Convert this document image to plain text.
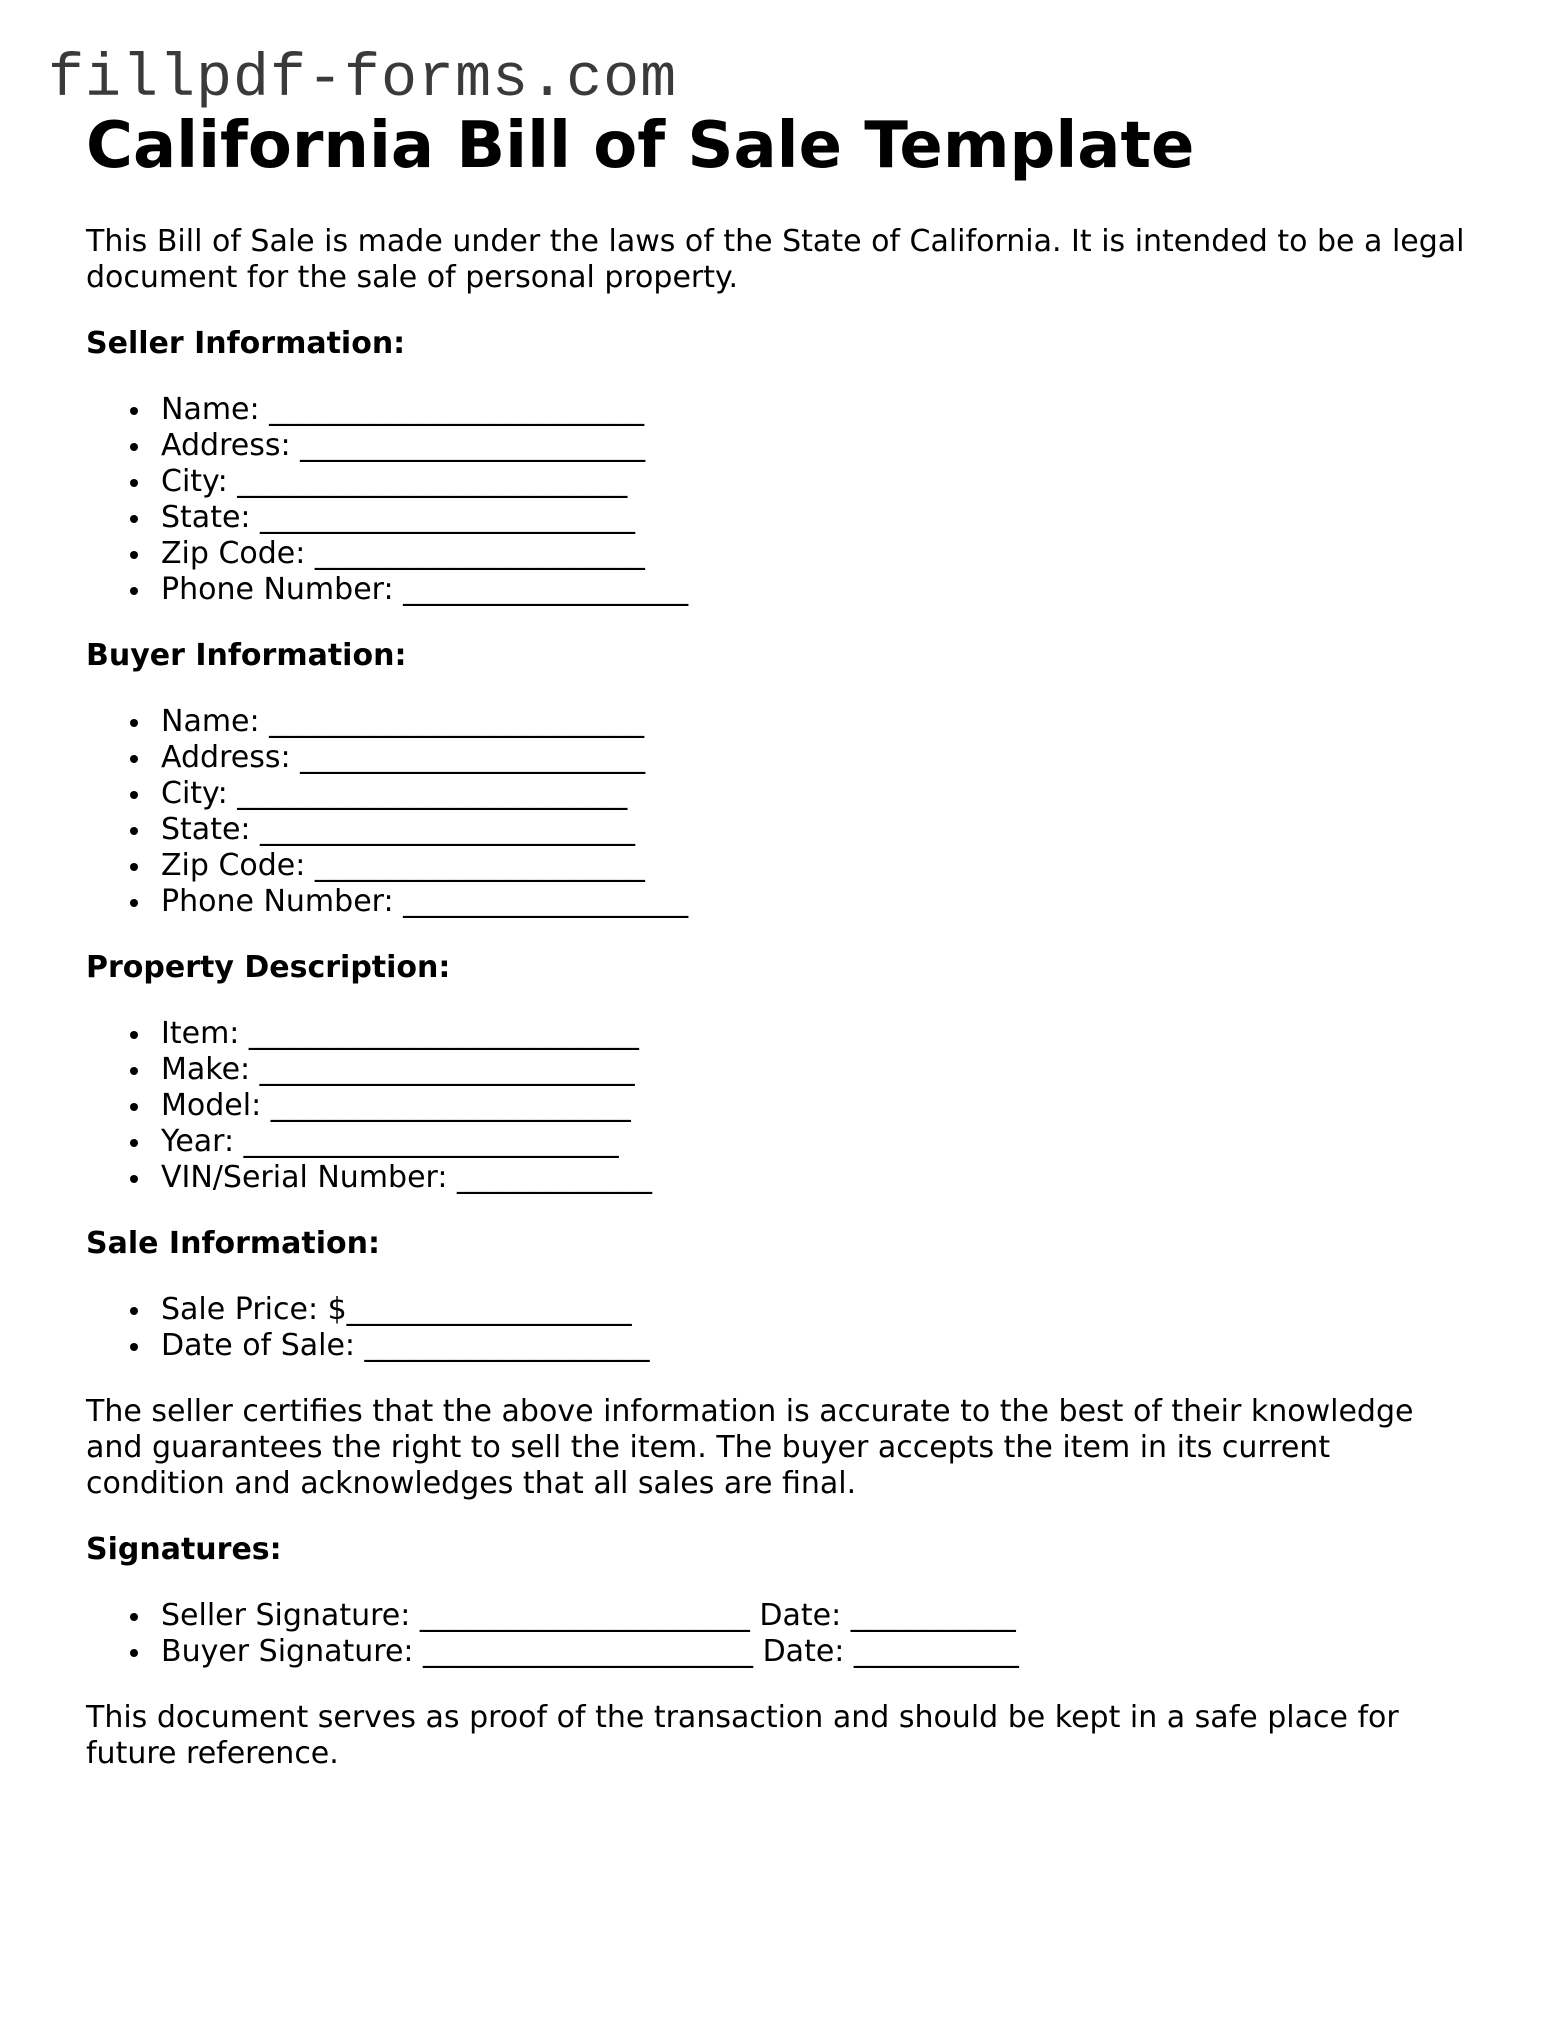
fillpdf-forms.com
California Bill of Sale Template

This Bill of Sale is made under the laws of the State of California. It is intended to be a legal document for the sale of personal property.

Seller Information:
Name: _________________________
Address: _______________________
City: __________________________
State: _________________________
Zip Code: ______________________
Phone Number: ___________________
Buyer Information:
Name: _________________________
Address: _______________________
City: __________________________
State: _________________________
Zip Code: ______________________
Phone Number: ___________________
Property Description:
Item: __________________________
Make: _________________________
Model: ________________________
Year: _________________________
VIN/Serial Number: _____________
Sale Information:
Sale Price: $___________________
Date of Sale: ___________________

The seller certifies that the above information is accurate to the best of their knowledge and guarantees the right to sell the item. The buyer accepts the item in its current condition and acknowledges that all sales are final.

Signatures:
Seller Signature: ______________________ Date: ___________
Buyer Signature: ______________________ Date: ___________

This document serves as proof of the transaction and should be kept in a safe place for future reference.
